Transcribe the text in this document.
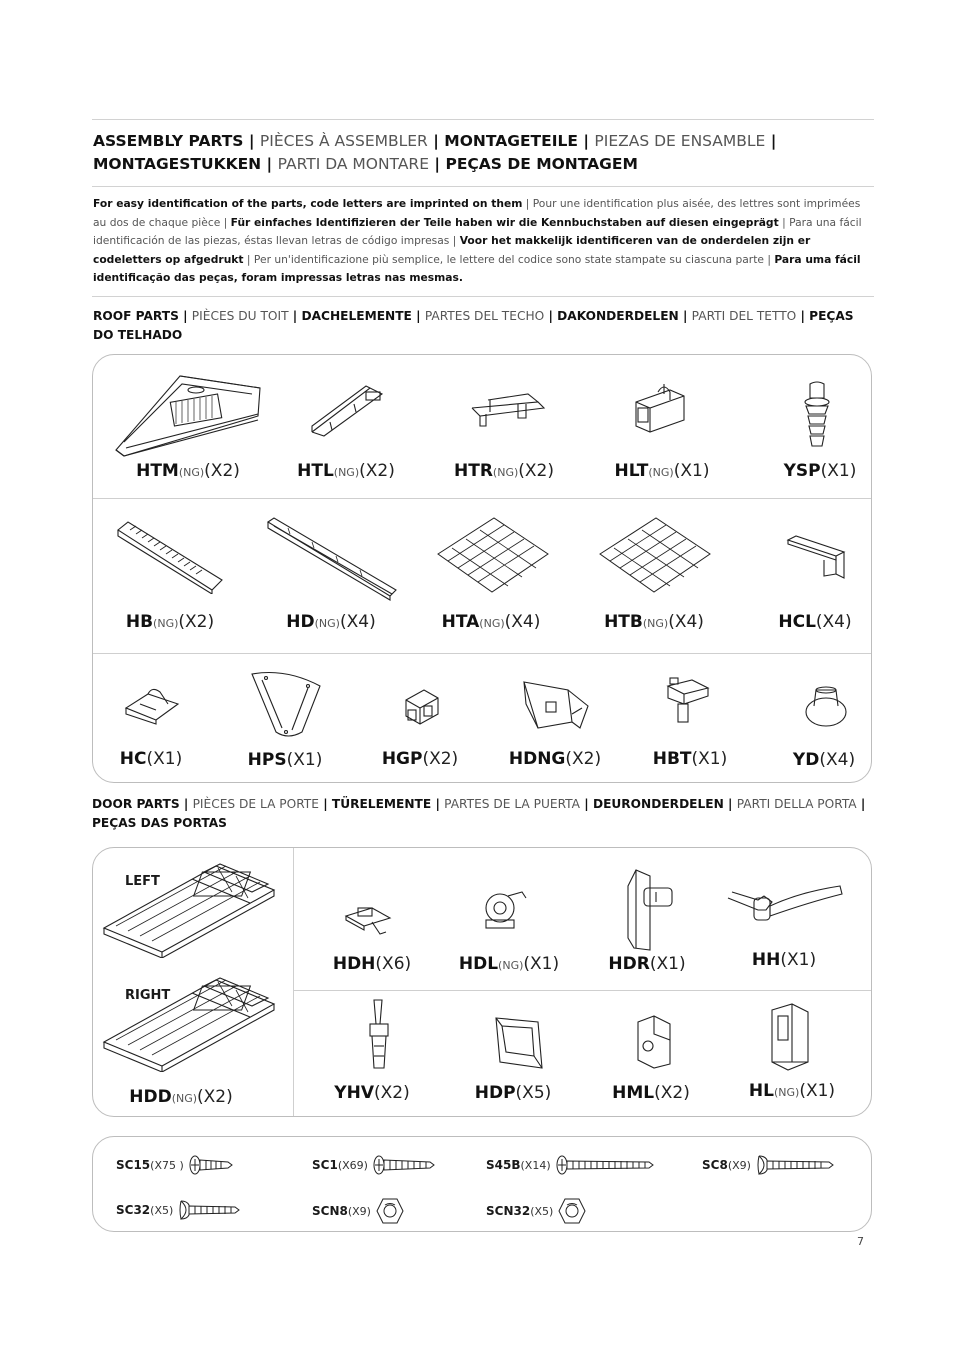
ASSEMBLY PARTS | PIÈCES À ASSEMBLER | MONTAGETEILE | PIEZAS DE ENSAMBLE | MONTAGESTUKKEN | PARTI DA MONTARE | PEÇAS DE MONTAGEM
For easy identification of the parts, code letters are imprinted on them | Pour une identification plus aisée, des lettres sont imprimées au dos de chaque pièce | Für einfaches Identifizieren der Teile haben wir die Kennbuchstaben auf diesen eingeprägt | Para una fácil identificación de las piezas, éstas llevan letras de código impresas | Voor het makkelijk identificeren van de onderdelen zijn er codeletters op afgedrukt | Per un'identificazione più semplice, le lettere del codice sono state stampate su ciascuna parte | Para uma fácil identificação das peças, foram impressas letras nas mesmas.
ROOF PARTS | PIÈCES DU TOIT | DACHELEMENTE | PARTES DEL TECHO | DAKONDERDELEN | PARTI DEL TETTO | PEÇAS DO TELHADO
HTM(NG)(X2)	HTL(NG)(X2)	HTR(NG)(X2)	HLT(NG)(X1)	YSP(X1)
HB(NG)(X2)	HD(NG)(X4)	HTA(NG)(X4)	HTB(NG)(X4)	HCL(X4)
HC(X1)	HPS(X1)	HGP(X2)	HDNG(X2)	HBT(X1)	YD(X4)
DOOR PARTS | PIÈCES DE LA PORTE | TÜRELEMENTE | PARTES DE LA PUERTA | DEURONDERDELEN | PARTI DELLA PORTA | PEÇAS DAS PORTAS
LEFT
RIGHT
HDD(NG)(X2)
HDH(X6)	HDL(NG)(X1)	HDR(X1)	HH(X1)
YHV(X2)	HDP(X5)	HML(X2)	HL(NG)(X1)
SC15 (X75 )	SC1 (X69)	S45B (X14)	SC8 (X9)
SC32 (X5)	SCN8 (X9)	SCN32 (X5)
7
